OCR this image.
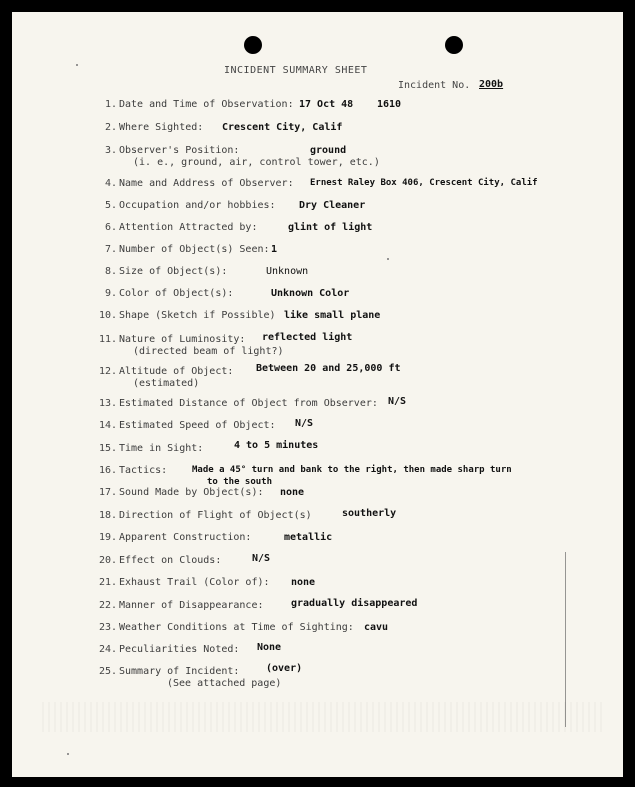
INCIDENT SUMMARY SHEET
Incident No. 200b
1. Date and Time of Observation: 17 Oct 48 1610
2. Where Sighted: Crescent City, Calif
3. Observer's Position:
(i. e., ground, air, control tower, etc.)
ground
4. Name and Address of Observer: Ernest Raley Box 406, Crescent City, Calif
5. Occupation and/or hobbies: Dry Cleaner
6. Attention Attracted by:	glint of light
7. Number of Object(s) Seen: 1
8. Size of Object(s):	Unknown
9. Color of Object(s):	Unknown Color
10. Shape (Sketch if Possible) like small plane
11. Nature of Luminosity:
(directed beam of light?)
reflected light
12. Altitude of Object:
(estimated)
Between 20 and 25,000 ft
13. Estimated Distance of Object from Observer: N/S
14. Estimated Speed of Object: N/S
15. Time in Sight:	4 to 5 minutes
16. Tactics:	Made a 45° turn and bank to the right, then made sharp turn
to the south
17. Sound Made by Object(s): none
18. Direction of Flight of Object(s)	southerly
19. Apparent Construction:	metallic
20. Effect on Clouds:	N/S
21. Exhaust Trail (Color of): none
22. Manner of Disappearance:	gradually disappeared
23. Weather Conditions at Time of Sighting: cavu
24. Peculiarities Noted: None
25. Summary of Incident:
(See attached page)
(over)
